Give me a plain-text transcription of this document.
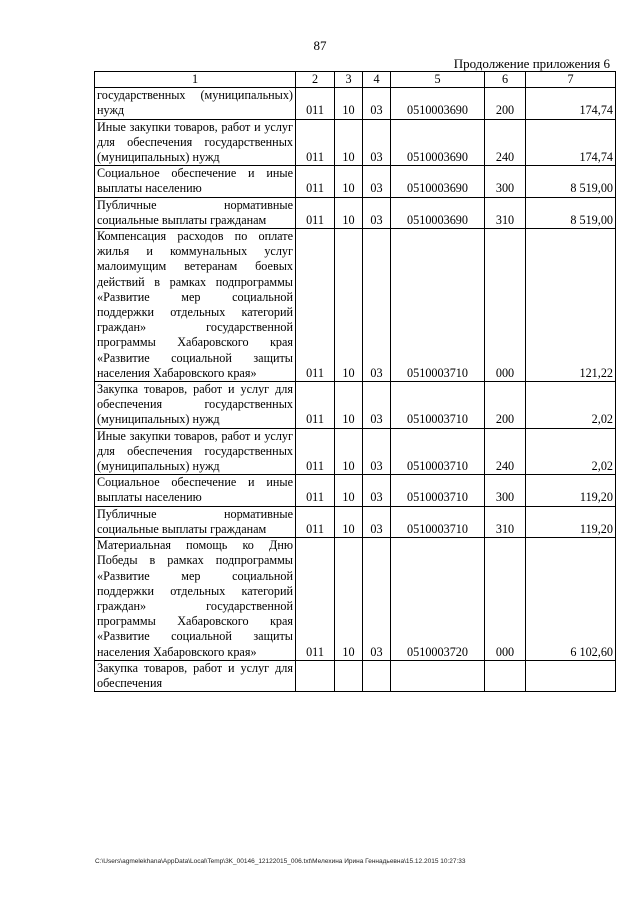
87
Продолжение приложения 6
1	2	3	4	5	6	7
государственных (муниципальных) нужд	011	10	03	0510003690	200	174,74
Иные закупки товаров, работ и услуг для обеспечения государственных (муниципальных) нужд	011	10	03	0510003690	240	174,74
Социальное обеспечение и иные выплаты населению	011	10	03	0510003690	300	8 519,00
Публичные нормативные социальные выплаты гражданам	011	10	03	0510003690	310	8 519,00
Компенсация расходов по оплате жилья и коммунальных услуг малоимущим ветеранам боевых действий в рамках подпрограммы «Развитие мер социальной поддержки отдельных категорий граждан» государственной программы Хабаровского края «Развитие социальной защиты населения Хабаровского края»	011	10	03	0510003710	000	121,22
Закупка товаров, работ и услуг для обеспечения государственных (муниципальных) нужд	011	10	03	0510003710	200	2,02
Иные закупки товаров, работ и услуг для обеспечения государственных (муниципальных) нужд	011	10	03	0510003710	240	2,02
Социальное обеспечение и иные выплаты населению	011	10	03	0510003710	300	119,20
Публичные нормативные социальные выплаты гражданам	011	10	03	0510003710	310	119,20
Материальная помощь ко Дню Победы в рамках подпрограммы «Развитие мер социальной поддержки отдельных категорий граждан» государственной программы Хабаровского края «Развитие социальной защиты населения Хабаровского края»	011	10	03	0510003720	000	6 102,60
Закупка товаров, работ и услуг для обеспечения						
C:\Users\agmelekhana\AppData\Local\Temp\3K_00146_12122015_006.txt\Мелехина Ирина Геннадьевна\15.12.2015 10:27:33
